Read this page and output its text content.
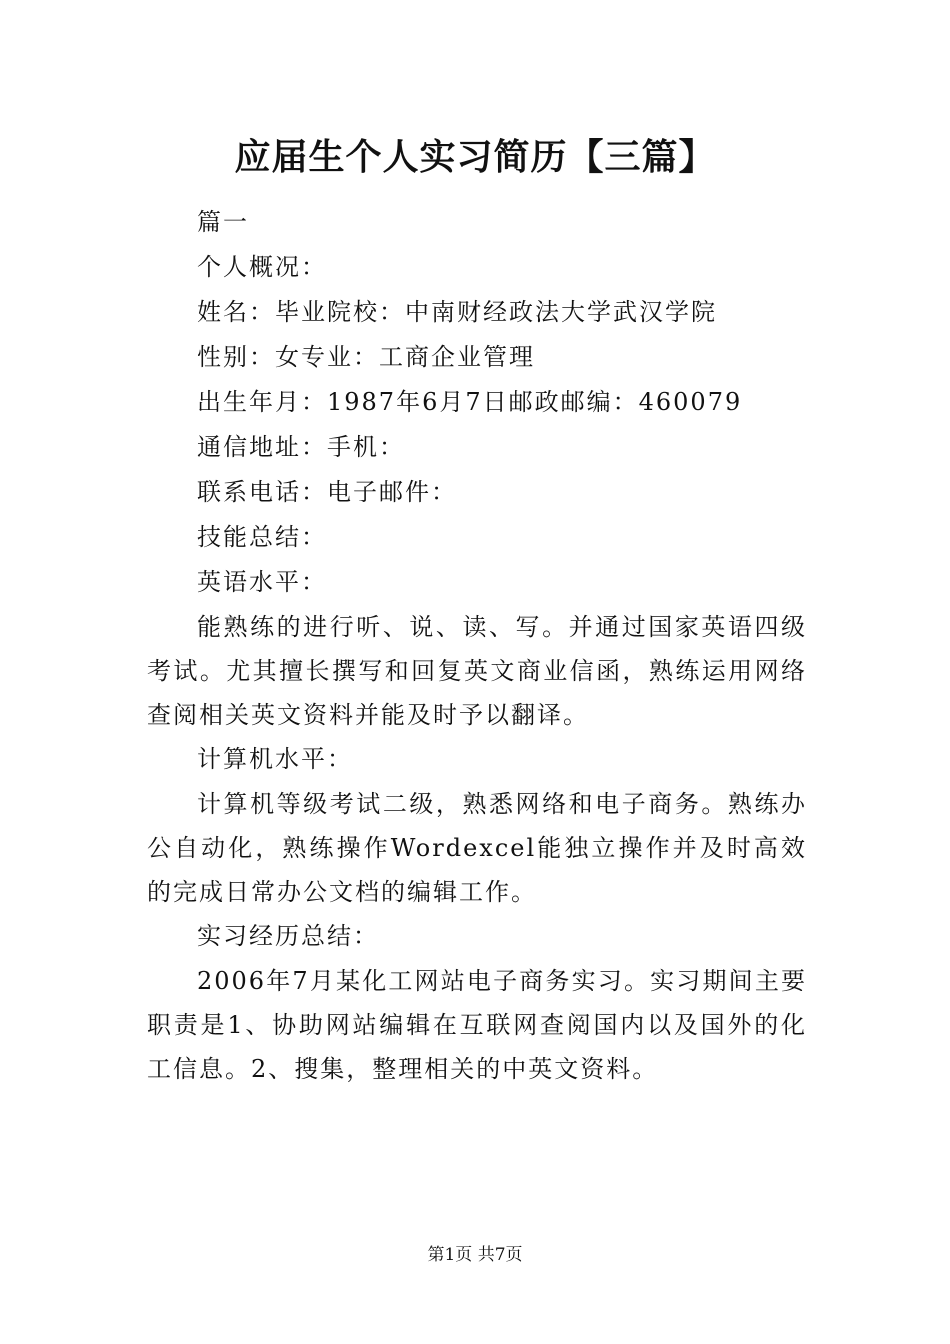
应届生个人实习简历【三篇】
篇一
个人概况：
姓名：毕业院校：中南财经政法大学武汉学院
性别：女专业：工商企业管理
出生年月：1987年6月7日邮政邮编：460079
通信地址：手机：
联系电话：电子邮件：
技能总结：
英语水平：

能熟练的进行听、说、读、写。并通过国家英语四级考试。尤其擅长撰写和回复英文商业信函，熟练运用网络查阅相关英文资料并能及时予以翻译。

计算机水平：

计算机等级考试二级，熟悉网络和电子商务。熟练办公自动化，熟练操作Wordexcel能独立操作并及时高效的完成日常办公文档的编辑工作。

实习经历总结：

2006年7月某化工网站电子商务实习。实习期间主要职责是1、协助网站编辑在互联网查阅国内以及国外的化工信息。2、搜集，整理相关的中英文资料。

第1页 共7页
